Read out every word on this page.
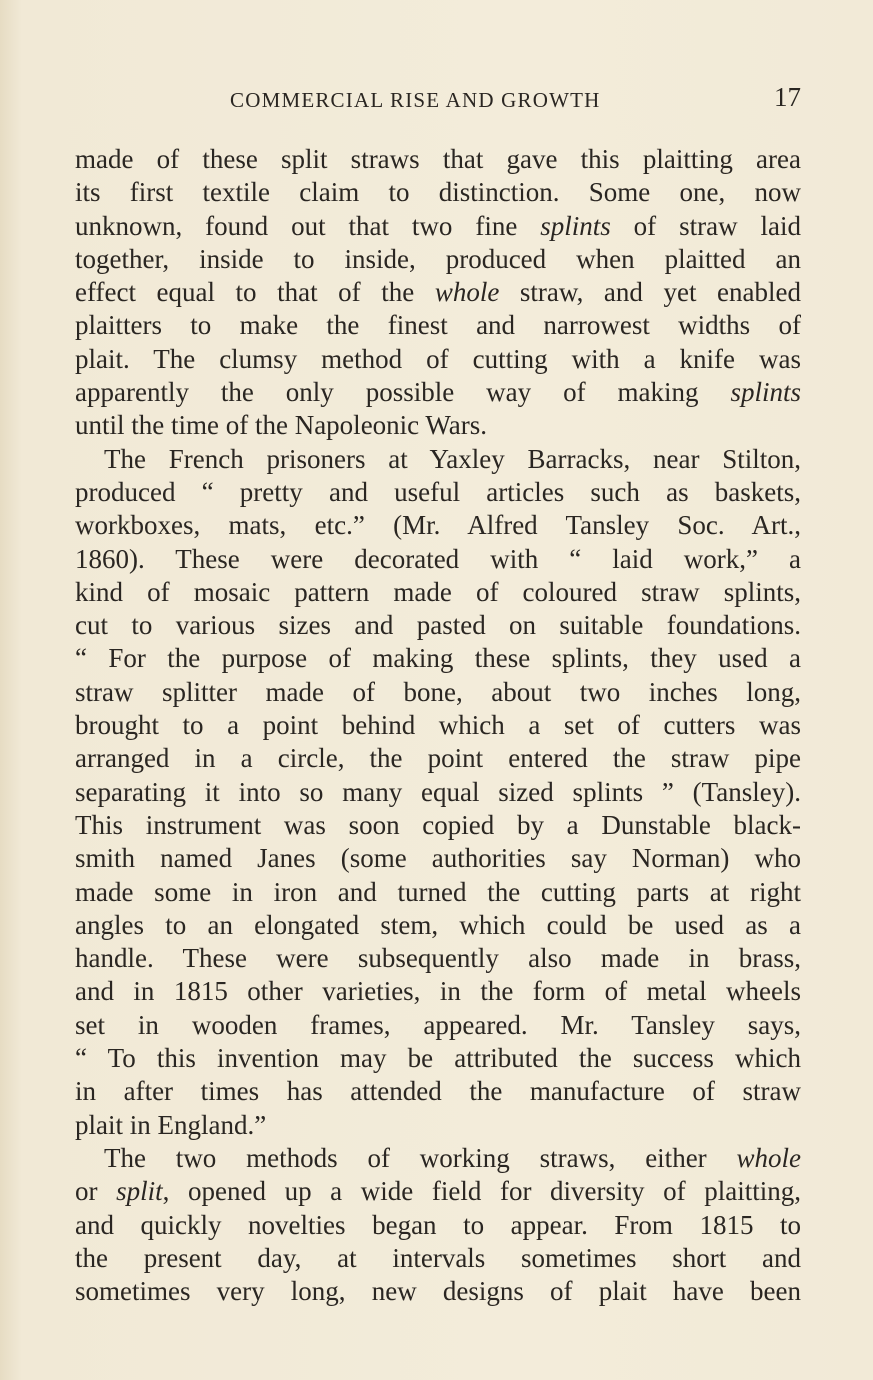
COMMERCIAL RISE AND GROWTH	17
made of these split straws that gave this plaitting area
its first textile claim to distinction. Some one, now
unknown, found out that two fine splints of straw laid
together, inside to inside, produced when plaitted an
effect equal to that of the whole straw, and yet enabled
plaitters to make the finest and narrowest widths of
plait. The clumsy method of cutting with a knife was
apparently the only possible way of making splints
until the time of the Napoleonic Wars.
The French prisoners at Yaxley Barracks, near Stilton,
produced “ pretty and useful articles such as baskets,
workboxes, mats, etc.” (Mr. Alfred Tansley Soc. Art.,
1860). These were decorated with “ laid work,” a
kind of mosaic pattern made of coloured straw splints,
cut to various sizes and pasted on suitable foundations.
“ For the purpose of making these splints, they used a
straw splitter made of bone, about two inches long,
brought to a point behind which a set of cutters was
arranged in a circle, the point entered the straw pipe
separating it into so many equal sized splints ” (Tansley).
This instrument was soon copied by a Dunstable black-
smith named Janes (some authorities say Norman) who
made some in iron and turned the cutting parts at right
angles to an elongated stem, which could be used as a
handle. These were subsequently also made in brass,
and in 1815 other varieties, in the form of metal wheels
set in wooden frames, appeared. Mr. Tansley says,
“ To this invention may be attributed the success which
in after times has attended the manufacture of straw
plait in England.”
The two methods of working straws, either whole
or split, opened up a wide field for diversity of plaitting,
and quickly novelties began to appear. From 1815 to
the present day, at intervals sometimes short and
sometimes very long, new designs of plait have been
